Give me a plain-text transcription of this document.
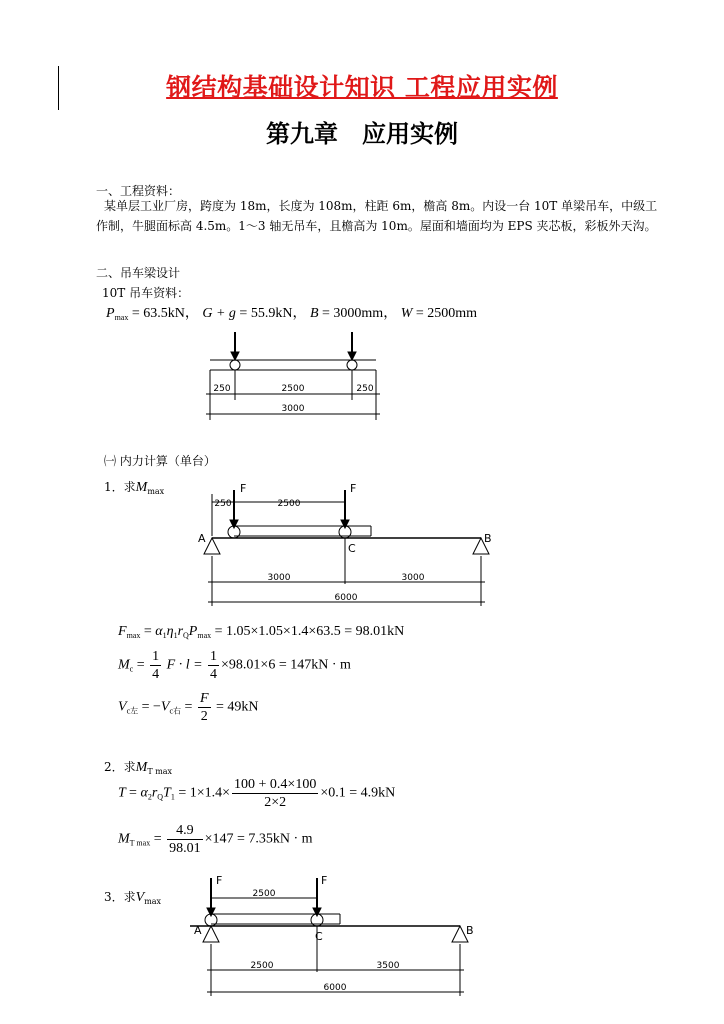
钢结构基础设计知识 工程应用实例
第九章　应用实例
一、工程资料：
某单层工业厂房，跨度为 18m，长度为 108m，柱距 6m，檐高 8m。内设一台 10T 单梁吊车，中级工作制，牛腿面标高 4.5m。1～3 轴无吊车，且檐高为 10m。屋面和墙面均为 EPS 夹芯板，彩板外天沟。
二、吊车梁设计
10T 吊车资料：
$P_{max} = 63.5kN$， G + g = 55.9kN， B = 3000mm， W = 2500mm
250	2500	250
3000
㈠ 内力计算（单台）
1．求$M_{max}$
250	2500
F	F
A	B
C
3000	3000
6000
$F_{max} = \alpha_1\eta_1r_QP_{max} = 1.05\times 1.05\times 1.4\times 63.5 = 98.01kN$
$M_c = \frac{1}{4}$ $F \cdot l = \frac{1}{4} \times 98.01\times 6 = 147kN \cdot m$
$V_{c左} = -V_{c右} = \frac{F}{2} = 49kN$
2．求$M_{T max}$
$T = \alpha_2r_QT_1 = 1\times 1.4\times \frac{100 + 0.4\times 100}{2\times 2} \times 0.1 = 4.9kN$
$M_{T max} = \frac{4.9}{98.01} \times 147 = 7.35kN \cdot m$
3．求$V_{max}$
2500
F	F
A	B
C
2500	3500
6000
